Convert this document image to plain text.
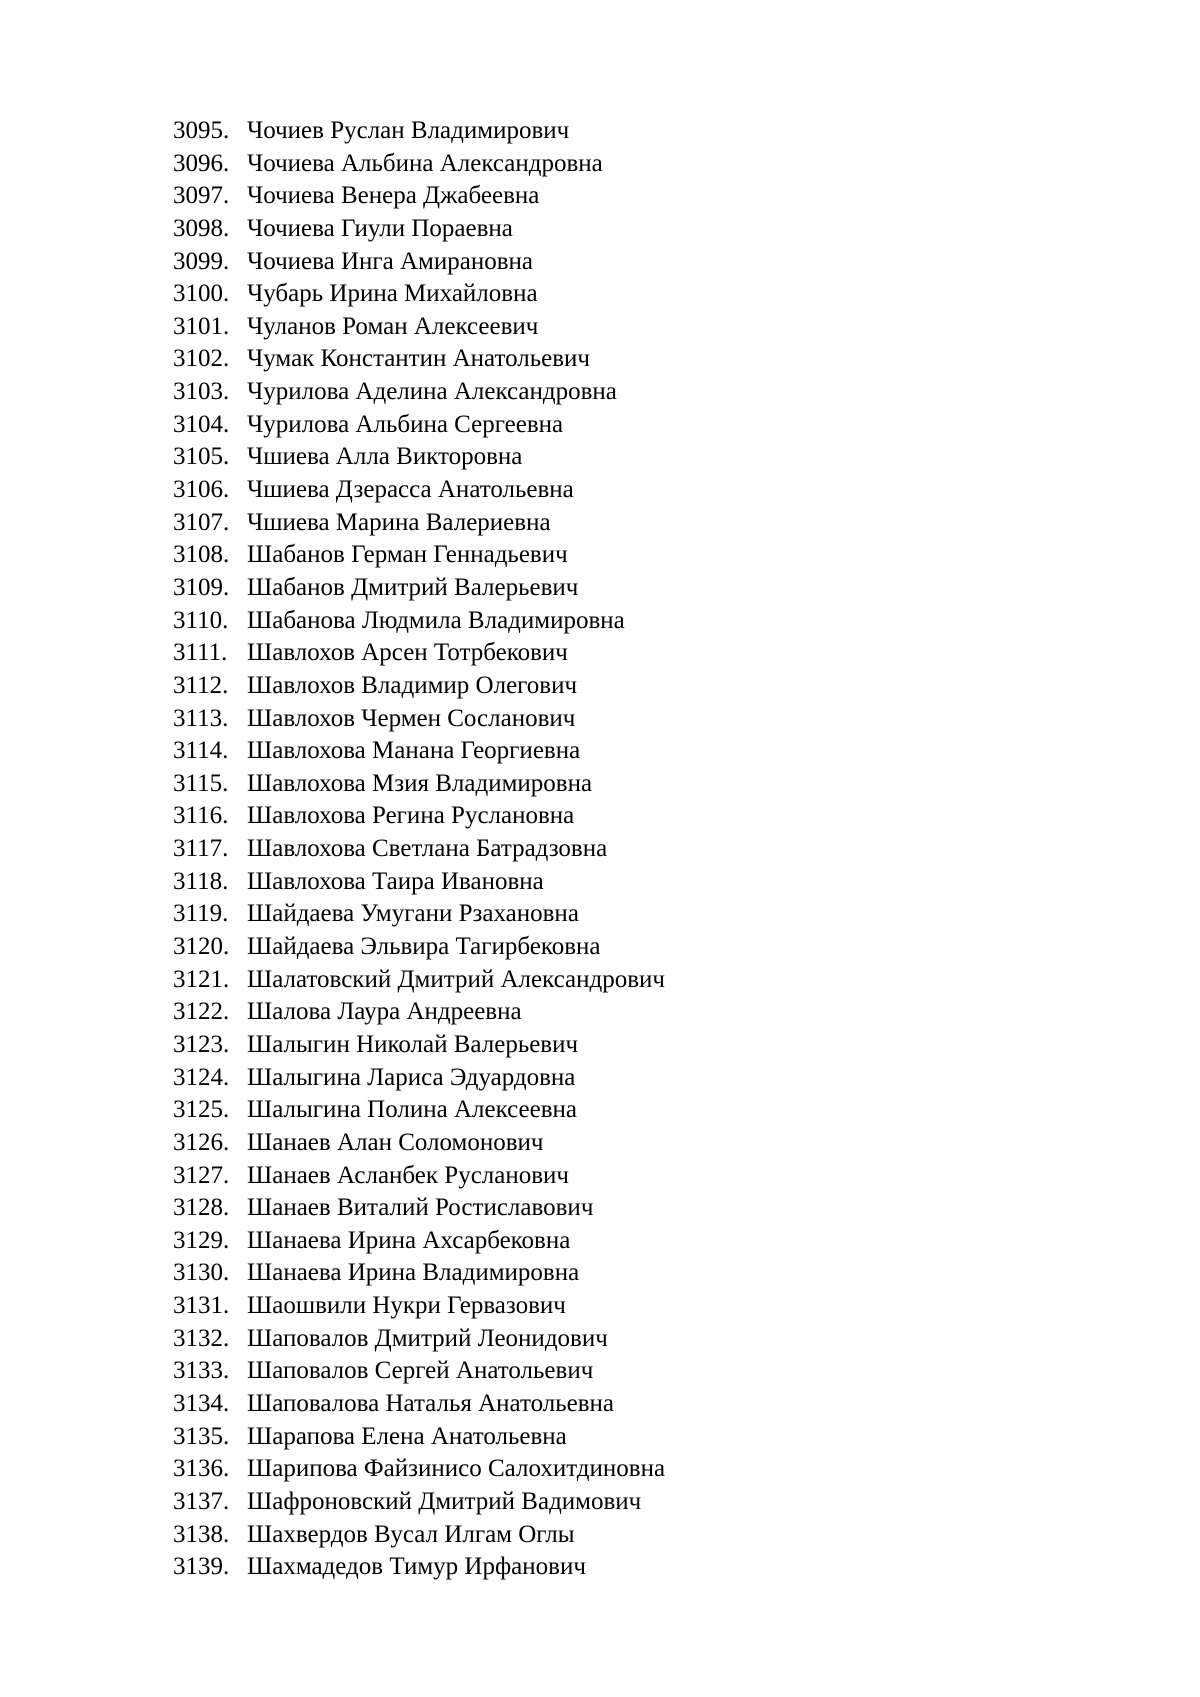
3095. Чочиев Руслан Владимирович
3096. Чочиева Альбина Александровна
3097. Чочиева Венера Джабеевна
3098. Чочиева Гиули Пораевна
3099. Чочиева Инга Амирановна
3100. Чубарь Ирина Михайловна
3101. Чуланов Роман Алексеевич
3102. Чумак Константин Анатольевич
3103. Чурилова Аделина Александровна
3104. Чурилова Альбина Сергеевна
3105. Чшиева Алла Викторовна
3106. Чшиева Дзерасса Анатольевна
3107. Чшиева Марина Валериевна
3108. Шабанов Герман Геннадьевич
3109. Шабанов Дмитрий Валерьевич
3110. Шабанова Людмила Владимировна
3111. Шавлохов Арсен Тотрбекович
3112. Шавлохов Владимир Олегович
3113. Шавлохов Чермен Сосланович
3114. Шавлохова Манана Георгиевна
3115. Шавлохова Мзия Владимировна
3116. Шавлохова Регина Руслановна
3117. Шавлохова Светлана Батрадзовна
3118. Шавлохова Таира Ивановна
3119. Шайдаева Умугани Рзахановна
3120. Шайдаева Эльвира Тагирбековна
3121. Шалатовский Дмитрий Александрович
3122. Шалова Лаура Андреевна
3123. Шалыгин Николай Валерьевич
3124. Шалыгина Лариса Эдуардовна
3125. Шалыгина Полина Алексеевна
3126. Шанаев Алан Соломонович
3127. Шанаев Асланбек Русланович
3128. Шанаев Виталий Ростиславович
3129. Шанаева Ирина Ахсарбековна
3130. Шанаева Ирина Владимировна
3131. Шаошвили Нукри Гервазович
3132. Шаповалов Дмитрий Леонидович
3133. Шаповалов Сергей Анатольевич
3134. Шаповалова Наталья Анатольевна
3135. Шарапова Елена Анатольевна
3136. Шарипова Файзинисо Салохитдиновна
3137. Шафроновский Дмитрий Вадимович
3138. Шахвердов Вусал Илгам Оглы
3139. Шахмадедов Тимур Ирфанович
